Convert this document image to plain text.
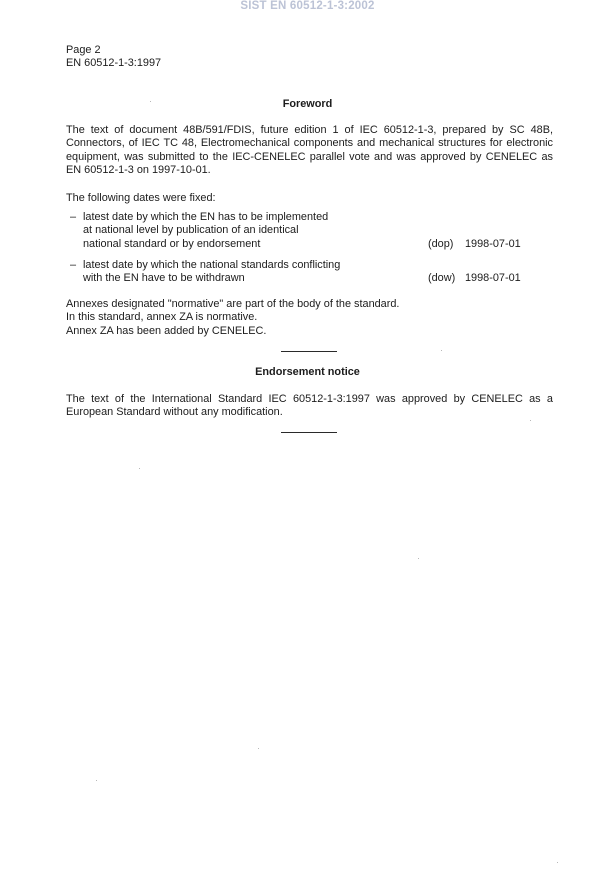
SIST EN 60512-1-3:2002
Page 2
EN 60512-1-3:1997
Foreword
The text of document 48B/591/FDIS, future edition 1 of IEC 60512-1-3, prepared by SC 48B, Connectors, of IEC TC 48, Electromechanical components and mechanical structures for electronic equipment, was submitted to the IEC-CENELEC parallel vote and was approved by CENELEC as EN 60512-1-3 on 1997-10-01.
The following dates were fixed:
– latest date by which the EN has to be implemented
at national level by publication of an identical
national standard or by endorsement	(dop)	1998-07-01
– latest date by which the national standards conflicting
with the EN have to be withdrawn	(dow) 1998-07-01
Annexes designated "normative" are part of the body of the standard.
In this standard, annex ZA is normative.
Annex ZA has been added by CENELEC.
Endorsement notice
The text of the International Standard IEC 60512-1-3:1997 was approved by CENELEC as a European Standard without any modification.
